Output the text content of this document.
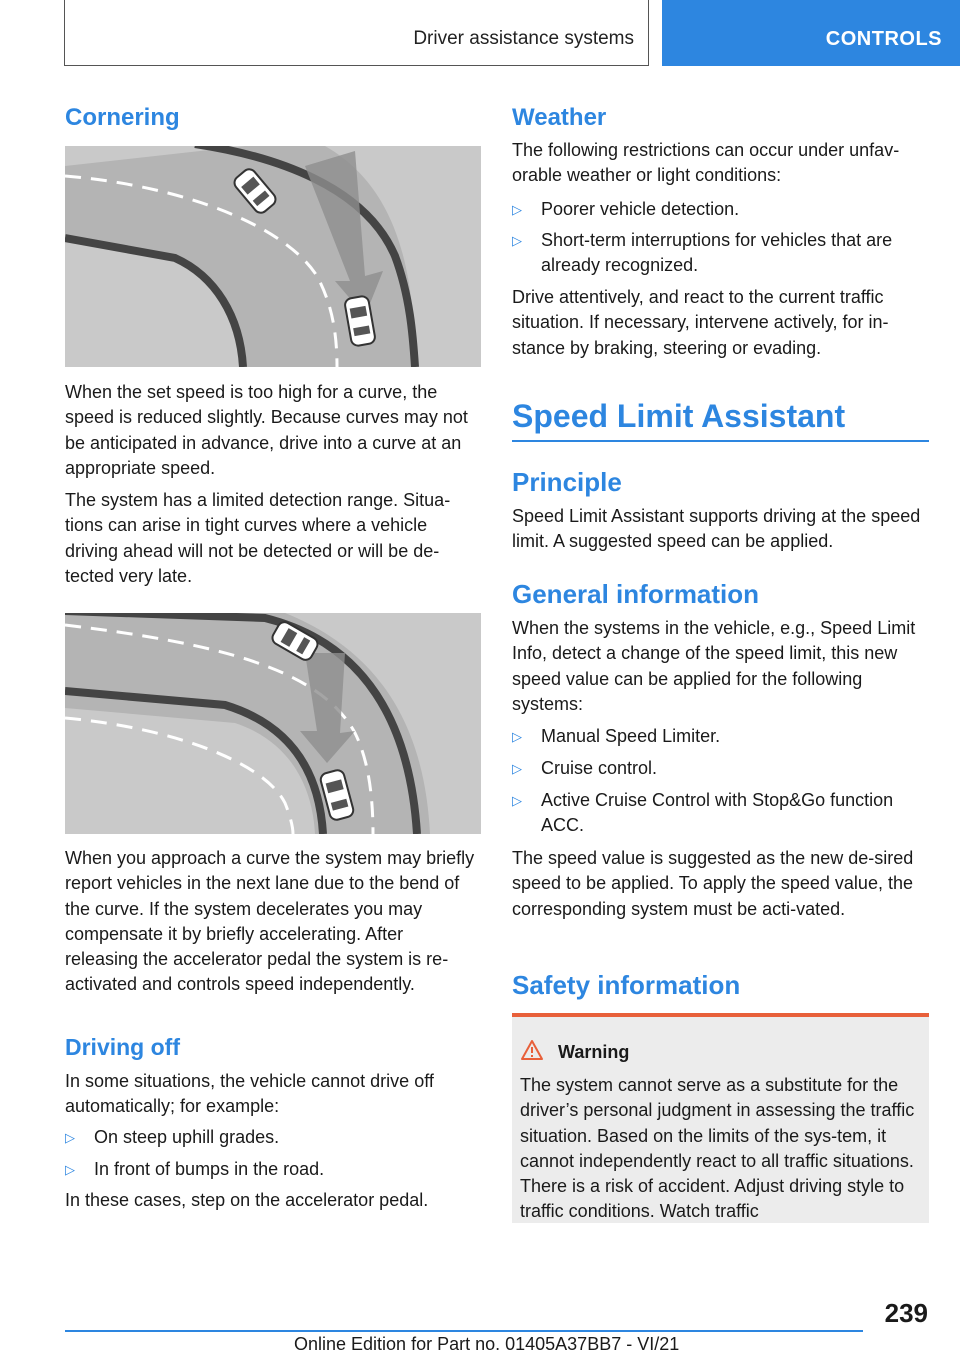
Driver assistance systems	CONTROLS
Cornering
When the set speed is too high for a curve, the speed is reduced slightly. Because curves may not be anticipated in advance, drive into a curve at an appropriate speed.
The system has a limited detection range. Situa-tions can arise in tight curves where a vehicle driving ahead will not be detected or will be de-tected very late.
When you approach a curve the system may briefly report vehicles in the next lane due to the bend of the curve. If the system decelerates you may compensate it by briefly accelerating. After releasing the accelerator pedal the system is re-activated and controls speed independently.
Driving off
In some situations, the vehicle cannot drive off automatically; for example:
▷ On steep uphill grades.
▷ In front of bumps in the road.
In these cases, step on the accelerator pedal.
Weather
The following restrictions can occur under unfav-orable weather or light conditions:
▷ Poorer vehicle detection.
▷ Short-term interruptions for vehicles that are already recognized.
Drive attentively, and react to the current traffic situation. If necessary, intervene actively, for in-stance by braking, steering or evading.
Speed Limit Assistant
Principle
Speed Limit Assistant supports driving at the speed limit. A suggested speed can be applied.
General information
When the systems in the vehicle, e.g., Speed Limit Info, detect a change of the speed limit, this new speed value can be applied for the following systems:
▷ Manual Speed Limiter.
▷ Cruise control.
▷ Active Cruise Control with Stop&Go function ACC.
The speed value is suggested as the new de-sired speed to be applied. To apply the speed value, the corresponding system must be acti-vated.
Safety information
Warning
The system cannot serve as a substitute for the driver’s personal judgment in assessing the traffic situation. Based on the limits of the sys-tem, it cannot independently react to all traffic situations. There is a risk of accident. Adjust driving style to traffic conditions. Watch traffic
239
Online Edition for Part no. 01405A37BB7 - VI/21
